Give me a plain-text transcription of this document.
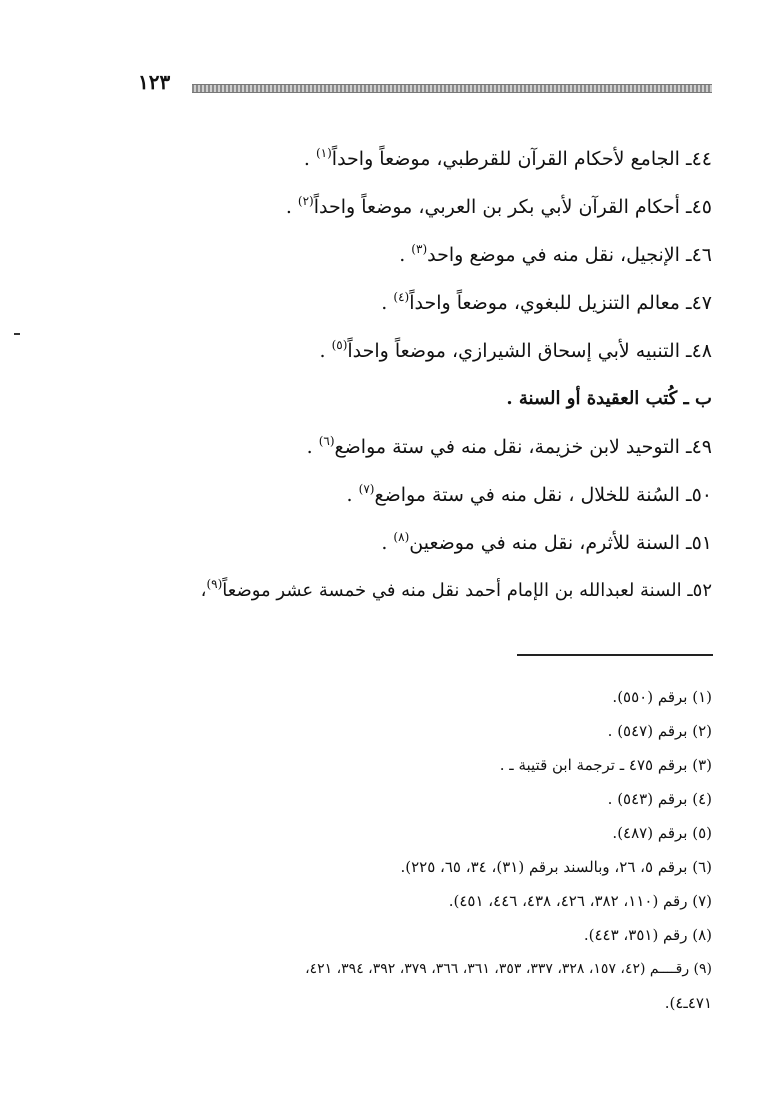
١٢٣
٤٤ـ الجامع لأحكام القرآن للقرطبي، موضعاً واحداً$^{(١)}$ .
٤٥ـ أحكام القرآن لأبي بكر بن العربي، موضعاً واحداً$^{(٢)}$ .
٤٦ـ الإنجيل، نقل منه في موضع واحد$^{(٣)}$ .
٤٧ـ معالم التنزيل للبغوي، موضعاً واحداً$^{(٤)}$ .
٤٨ـ التنبيه لأبي إسحاق الشيرازي، موضعاً واحداً$^{(٥)}$ .
ب ـ كُتب العقيدة أو السنة .
٤٩ـ التوحيد لابن خزيمة، نقل منه في ستة مواضع$^{(٦)}$ .
٥٠ـ السُنة للخلال ، نقل منه في ستة مواضع$^{(٧)}$ .
٥١ـ السنة للأثرم، نقل منه في موضعين$^{(٨)}$ .
٥٢ـ السنة لعبدالله بن الإمام أحمد نقل منه في خمسة عشر موضعاً$^{(٩)}$،
(١) برقم (٥٥٠).
(٢) برقم (٥٤٧) .
(٣) برقم ٤٧٥ ـ ترجمة ابن قتيبة ـ .
(٤) برقم (٥٤٣) .
(٥) برقم (٤٨٧).
(٦) برقم ٥، ٢٦، وبالسند برقم (٣١)، ٣٤، ٦٥، ٢٢٥).
(٧) رقم (١١٠، ٣٨٢، ٤٢٦، ٤٣٨، ٤٤٦، ٤٥١).
(٨) رقم (٣٥١، ٤٤٣).
(٩) رقــــم (٤٢، ١٥٧، ٣٢٨، ٣٣٧، ٣٥٣، ٣٦١، ٣٦٦، ٣٧٩، ٣٩٢، ٣٩٤، ٤٢١،
٤٧١ـ٤).
